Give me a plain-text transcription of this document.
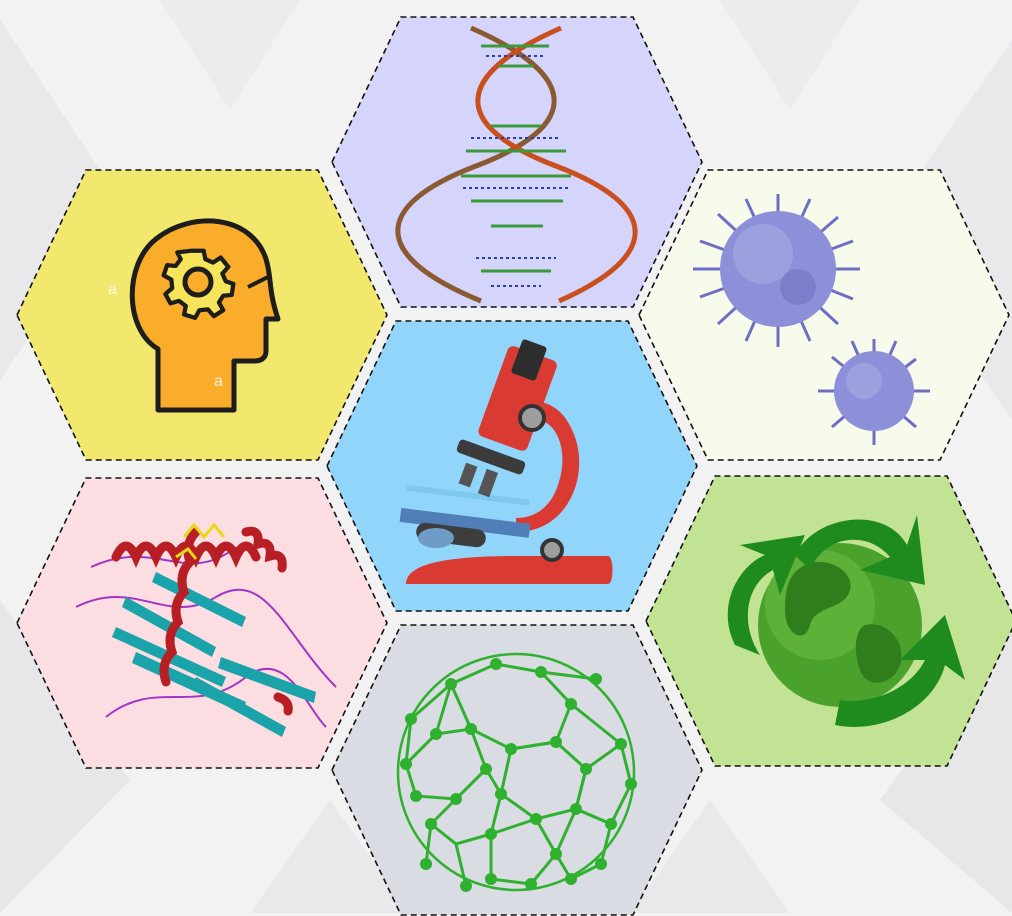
a
a
